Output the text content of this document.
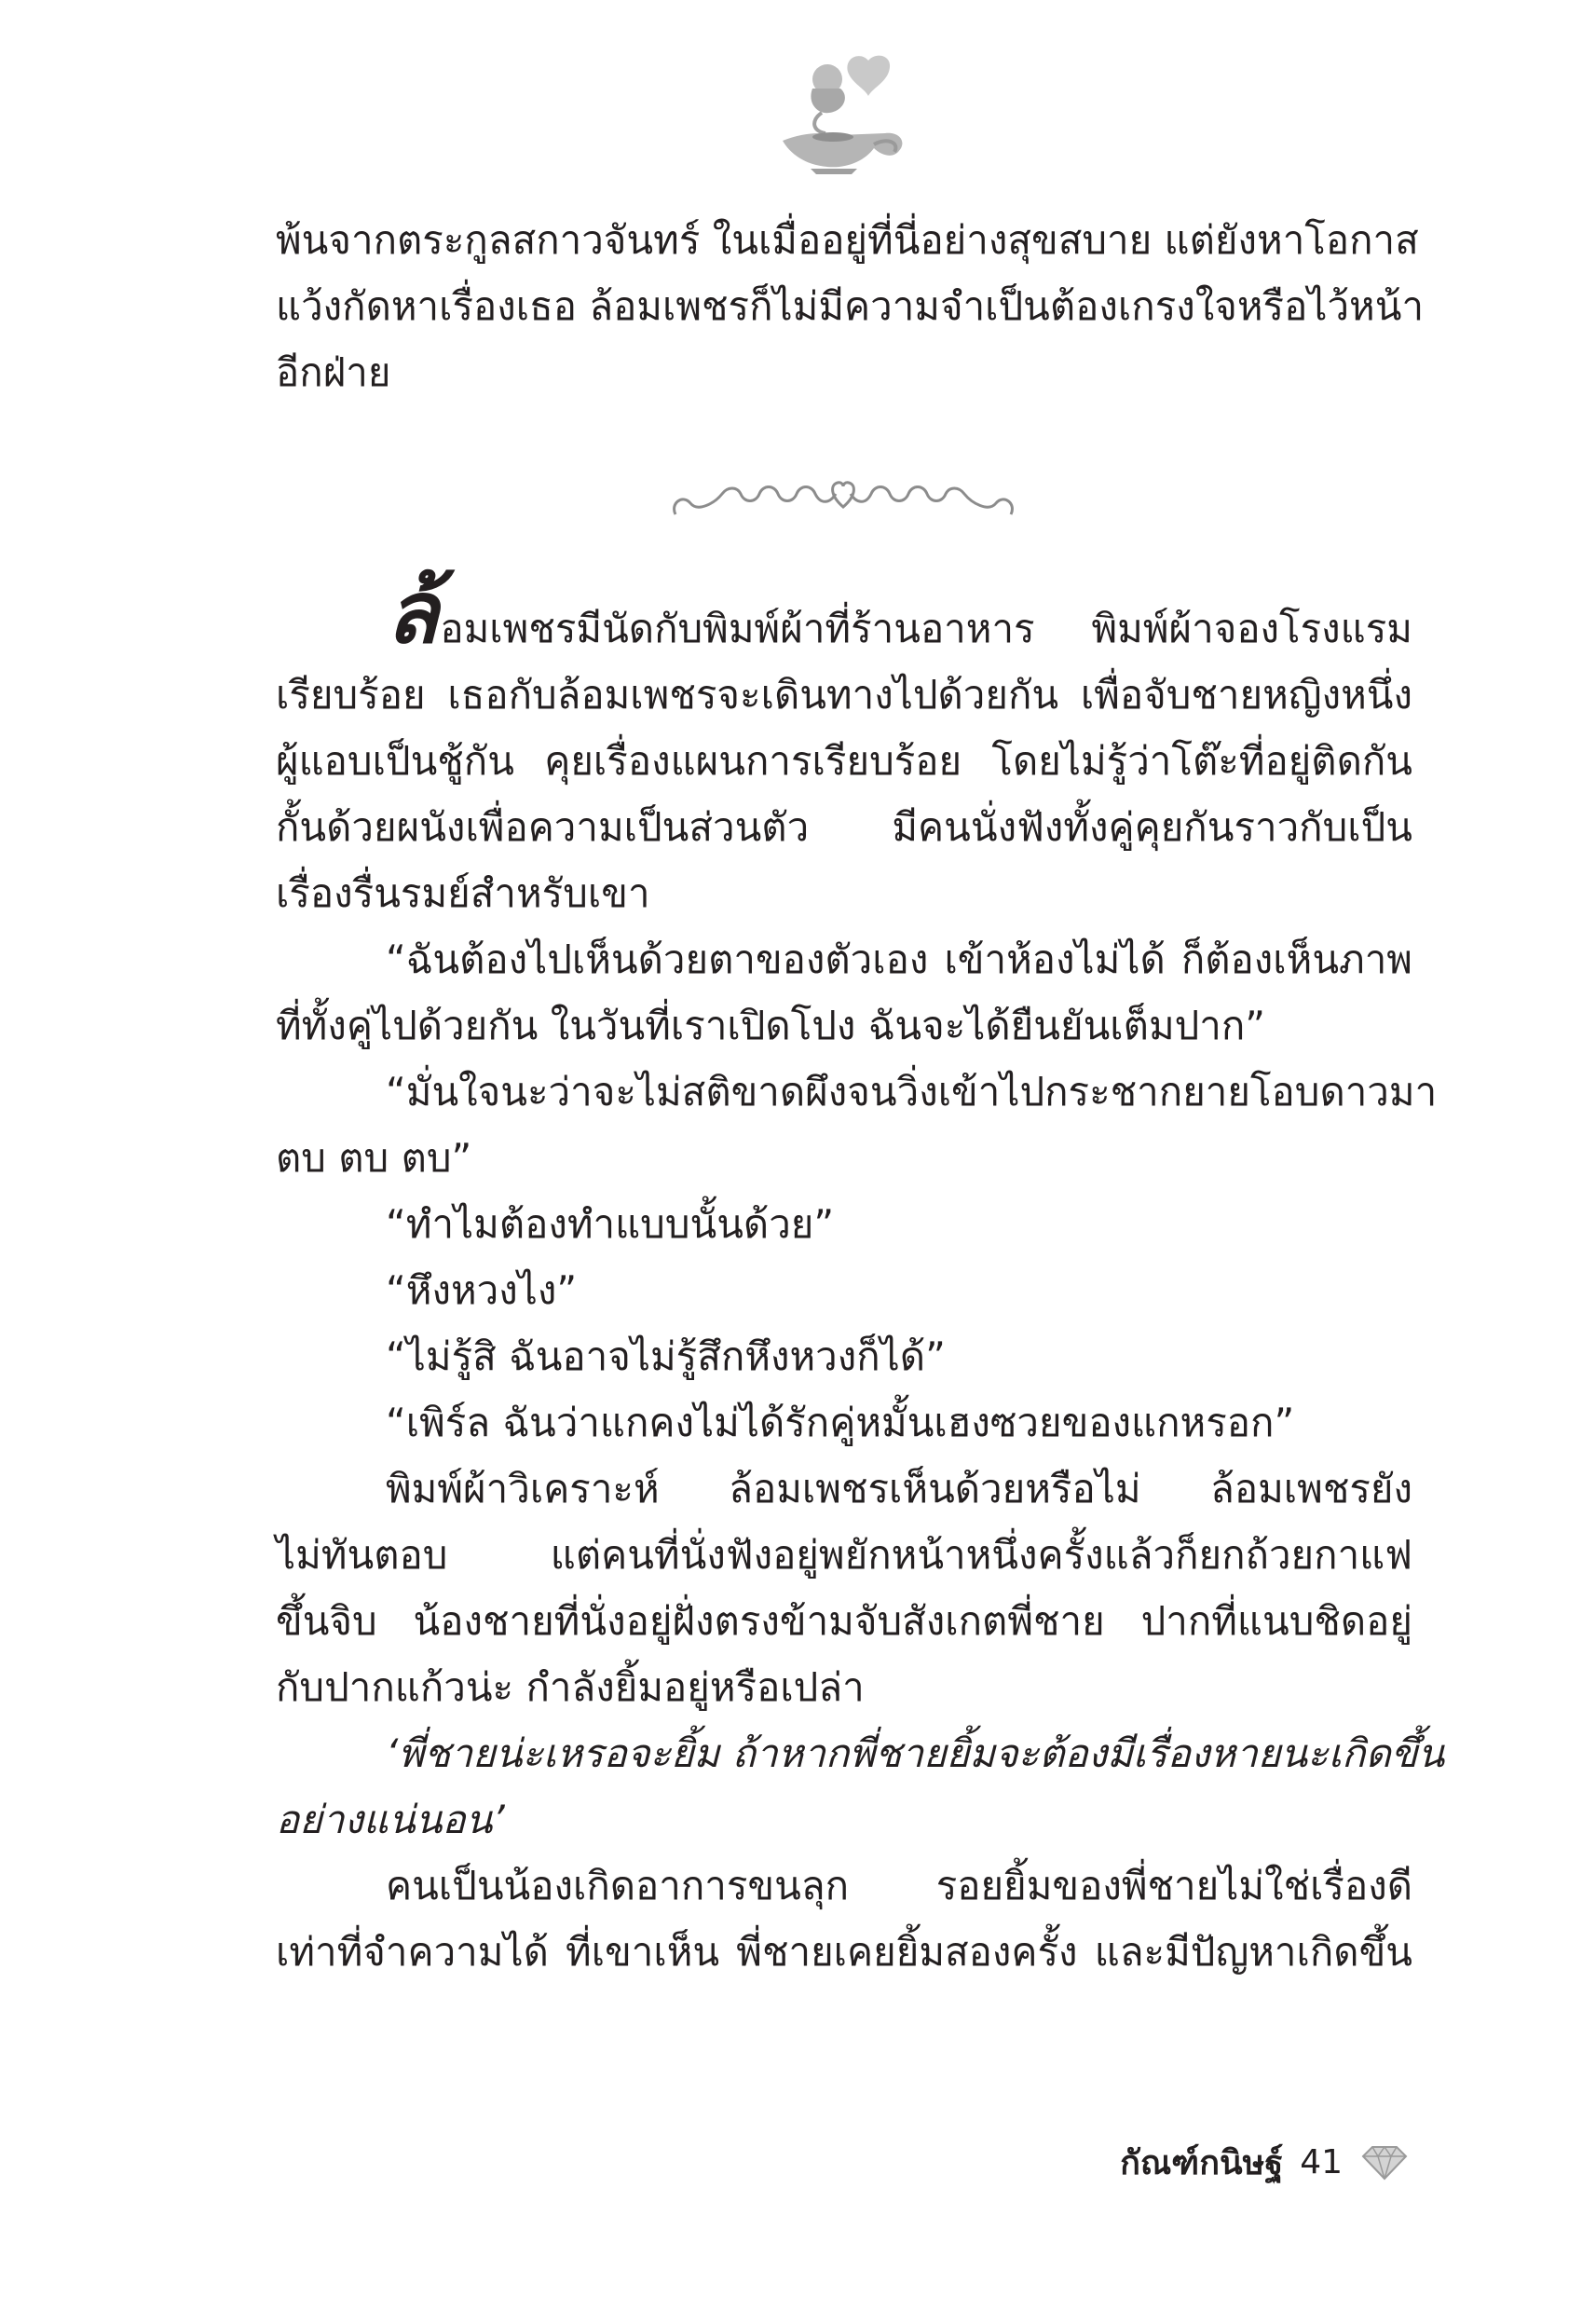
พ้นจากตระกูลสกาวจันทร์ ในเมื่ออยู่ที่นี่อย่างสุขสบาย แต่ยังหาโอกาส
แว้งกัดหาเรื่องเธอ ล้อมเพชรก็ไม่มีความจำเป็นต้องเกรงใจหรือไว้หน้า
อีกฝ่าย
ล้อมเพชรมีนัดกับพิมพ์ผ้าที่ร้านอาหาร พิมพ์ผ้าจองโรงแรม
เรียบร้อย เธอกับล้อมเพชรจะเดินทางไปด้วยกัน เพื่อจับชายหญิงหนึ่ง
ผู้แอบเป็นชู้กัน คุยเรื่องแผนการเรียบร้อย โดยไม่รู้ว่าโต๊ะที่อยู่ติดกัน
กั้นด้วยผนังเพื่อความเป็นส่วนตัว มีคนนั่งฟังทั้งคู่คุยกันราวกับเป็น
เรื่องรื่นรมย์สำหรับเขา
“ฉันต้องไปเห็นด้วยตาของตัวเอง เข้าห้องไม่ได้ ก็ต้องเห็นภาพ
ที่ทั้งคู่ไปด้วยกัน ในวันที่เราเปิดโปง ฉันจะได้ยืนยันเต็มปาก”
“มั่นใจนะว่าจะไม่สติขาดผึงจนวิ่งเข้าไปกระชากยายโอบดาวมา
ตบ ตบ ตบ”
“ทำไมต้องทำแบบนั้นด้วย”
“หึงหวงไง”
“ไม่รู้สิ ฉันอาจไม่รู้สึกหึงหวงก็ได้”
“เพิร์ล ฉันว่าแกคงไม่ได้รักคู่หมั้นเฮงซวยของแกหรอก”
พิมพ์ผ้าวิเคราะห์ ล้อมเพชรเห็นด้วยหรือไม่ ล้อมเพชรยัง
ไม่ทันตอบ แต่คนที่นั่งฟังอยู่พยักหน้าหนึ่งครั้งแล้วก็ยกถ้วยกาแฟ
ขึ้นจิบ น้องชายที่นั่งอยู่ฝั่งตรงข้ามจับสังเกตพี่ชาย ปากที่แนบชิดอยู่
กับปากแก้วน่ะ กำลังยิ้มอยู่หรือเปล่า
‘พี่ชายน่ะเหรอจะยิ้ม ถ้าหากพี่ชายยิ้มจะต้องมีเรื่องหายนะเกิดขึ้น
อย่างแน่นอน’
คนเป็นน้องเกิดอาการขนลุก รอยยิ้มของพี่ชายไม่ใช่เรื่องดี
เท่าที่จำความได้ ที่เขาเห็น พี่ชายเคยยิ้มสองครั้ง และมีปัญหาเกิดขึ้น
กัณฑ์กนิษฐ์ 41
